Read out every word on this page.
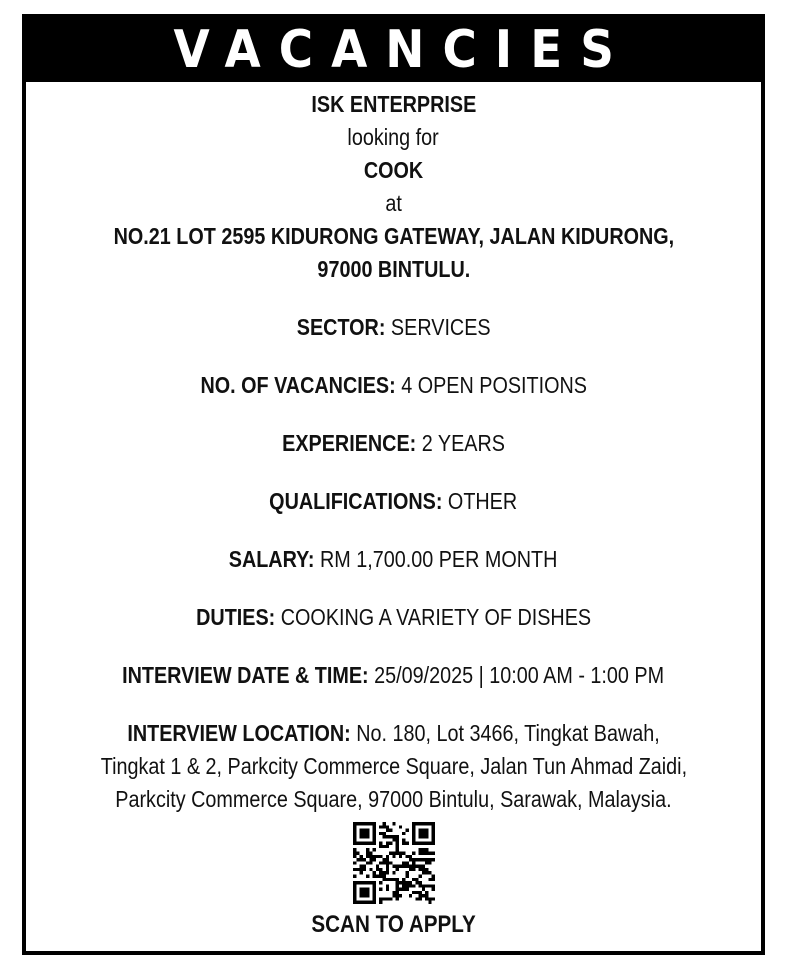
VACANCIES
ISK ENTERPRISE
looking for
COOK
at
NO.21 LOT 2595 KIDURONG GATEWAY, JALAN KIDURONG,
97000 BINTULU.
SECTOR: SERVICES
NO. OF VACANCIES: 4 OPEN POSITIONS
EXPERIENCE: 2 YEARS
QUALIFICATIONS: OTHER
SALARY: RM 1,700.00 PER MONTH
DUTIES: COOKING A VARIETY OF DISHES
INTERVIEW DATE & TIME: 25/09/2025 | 10:00 AM - 1:00 PM
INTERVIEW LOCATION: No. 180, Lot 3466, Tingkat Bawah,
Tingkat 1 & 2, Parkcity Commerce Square, Jalan Tun Ahmad Zaidi,
Parkcity Commerce Square, 97000 Bintulu, Sarawak, Malaysia.
SCAN TO APPLY
